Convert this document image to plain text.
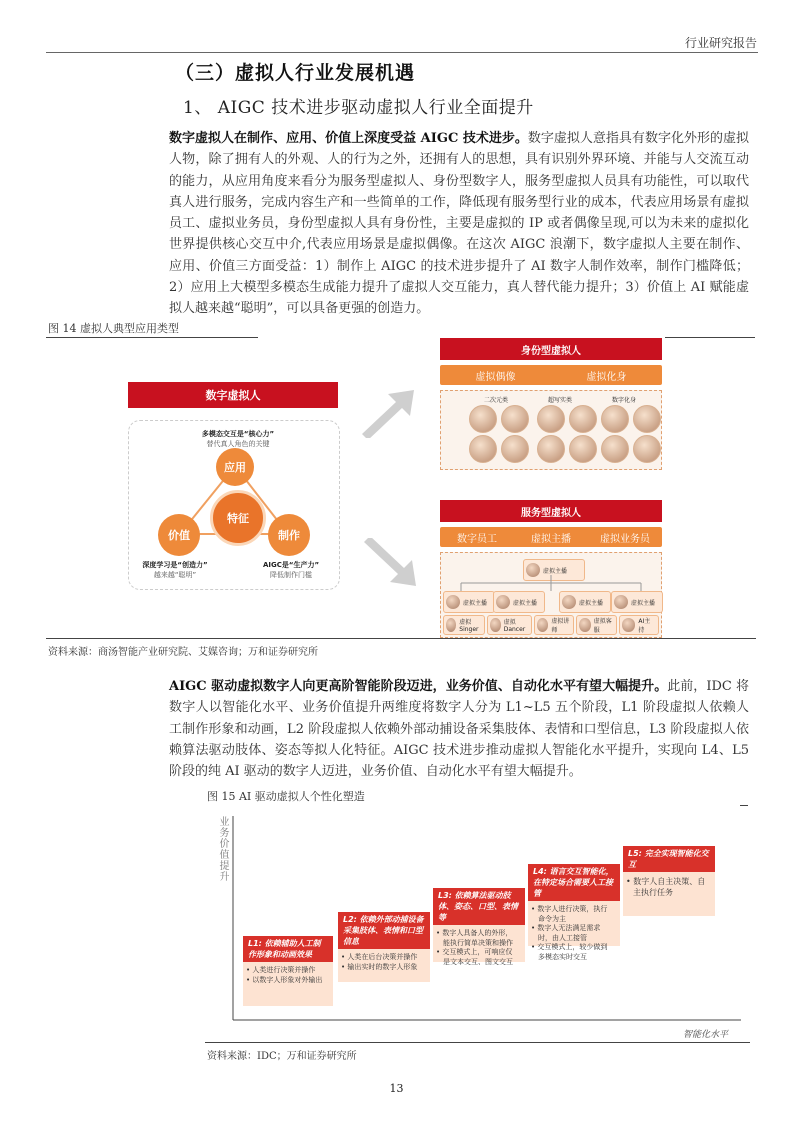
行业研究报告
（三）虚拟人行业发展机遇
1、 AIGC 技术进步驱动虚拟人行业全面提升
数字虚拟人在制作、应用、价值上深度受益 AIGC 技术进步。数字虚拟人意指具有数字化外形的虚拟人物，除了拥有人的外观、人的行为之外，还拥有人的思想，具有识别外界环境、并能与人交流互动的能力，从应用角度来看分为服务型虚拟人、身份型数字人，服务型虚拟人员具有功能性，可以取代真人进行服务，完成内容生产和一些简单的工作，降低现有服务型行业的成本，代表应用场景有虚拟员工、虚拟业务员，身份型虚拟人具有身份性，主要是虚拟的 IP 或者偶像呈现,可以为未来的虚拟化世界提供核心交互中介,代表应用场景是虚拟偶像。在这次 AIGC 浪潮下，数字虚拟人主要在制作、应用、价值三方面受益：1）制作上 AIGC 的技术进步提升了 AI 数字人制作效率，制作门槛降低；2）应用上大模型多模态生成能力提升了虚拟人交互能力，真人替代能力提升；3）价值上 AI 赋能虚拟人越来越“聪明”，可以具备更强的创造力。
图 14 虚拟人典型应用类型
数字虚拟人
多模态交互是“核心力”
替代真人角色的关键
应用
价值	制作
特征
深度学习是“创造力”
越来越“聪明”
AIGC是“生产力”
降低制作门槛
身份型虚拟人
虚拟偶像	虚拟化身
二次元类	超写实类	数字化身
服务型虚拟人
数字员工	虚拟主播	虚拟业务员
虚拟主播
虚拟主播	虚拟主播	虚拟主播	虚拟主播
虚拟Singer
虚拟Dancer
虚拟讲师
虚拟客服
AI主持
资料来源：商汤智能产业研究院、艾媒咨询；万和证券研究所
AIGC 驱动虚拟数字人向更高阶智能阶段迈进，业务价值、自动化水平有望大幅提升。此前，IDC 将数字人以智能化水平、业务价值提升两维度将数字人分为 L1~L5 五个阶段，L1 阶段虚拟人依赖人工制作形象和动画，L2 阶段虚拟人依赖外部动捕设备采集肢体、表情和口型信息，L3 阶段虚拟人依赖算法驱动肢体、姿态等拟人化特征。AIGC 技术进步推动虚拟人智能化水平提升，实现向 L4、L5 阶段的纯 AI 驱动的数字人迈进，业务价值、自动化水平有望大幅提升。
图 15 AI 驱动虚拟人个性化塑造
业务价值提升
智能化水平
L1: 依赖辅助人工制作形象和动画效果
• 人类进行决策并操作
• 以数字人形象对外输出
L2: 依赖外部动捕设备采集肢体、表情和口型信息
• 人类在后台决策并操作
• 输出实时的数字人形象
L3: 依赖算法驱动肢体、姿态、口型、表情等
• 数字人具备人的外形，能执行简单决策和操作
• 交互模式上，可响应仅是文本交互、图文交互
L4: 语言交互智能化，在特定场合需要人工接管
• 数字人进行决策，执行命令为主
• 数字人无法满足需求时，由人工接管
• 交互模式上，较少做到多模态实时交互
L5: 完全实现智能化交互
• 数字人自主决策、自主执行任务
资料来源：IDC；万和证券研究所
13
